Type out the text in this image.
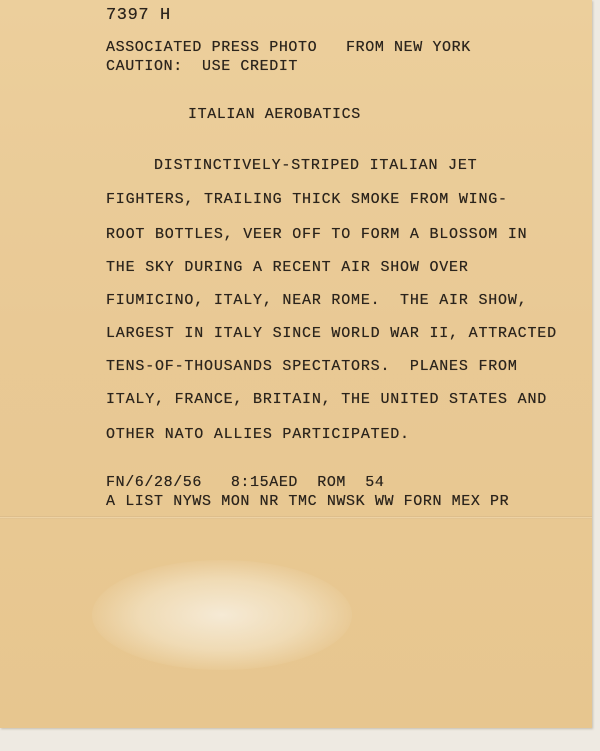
7397 H

ASSOCIATED PRESS PHOTO   FROM NEW YORK

CAUTION:  USE CREDIT

ITALIAN AEROBATICS

DISTINCTIVELY-STRIPED ITALIAN JET

FIGHTERS, TRAILING THICK SMOKE FROM WING-

ROOT BOTTLES, VEER OFF TO FORM A BLOSSOM IN

THE SKY DURING A RECENT AIR SHOW OVER

FIUMICINO, ITALY, NEAR ROME.  THE AIR SHOW,

LARGEST IN ITALY SINCE WORLD WAR II, ATTRACTED

TENS-OF-THOUSANDS SPECTATORS.  PLANES FROM

ITALY, FRANCE, BRITAIN, THE UNITED STATES AND

OTHER NATO ALLIES PARTICIPATED.

FN/6/28/56   8:15AED  ROM  54

A LIST NYWS MON NR TMC NWSK WW FORN MEX PR
